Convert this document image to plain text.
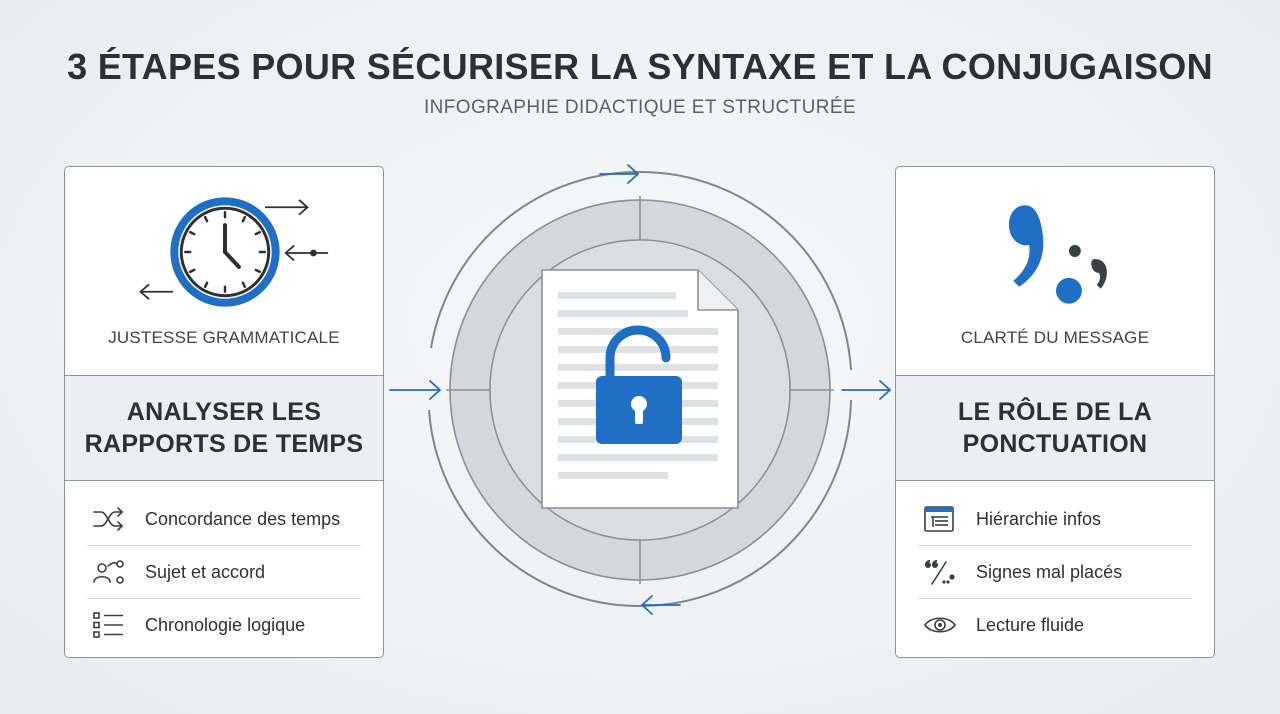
3 ÉTAPES POUR SÉCURISER LA SYNTAXE ET LA CONJUGAISON
INFOGRAPHIE DIDACTIQUE ET STRUCTURÉE
JUSTESSE GRAMMATICALE
ANALYSER LES
RAPPORTS DE TEMPS
Concordance des temps
Sujet et accord
Chronologie logique
CLARTÉ DU MESSAGE
LE RÔLE DE LA
PONCTUATION
Hiérarchie infos
Signes mal placés
Lecture fluide
